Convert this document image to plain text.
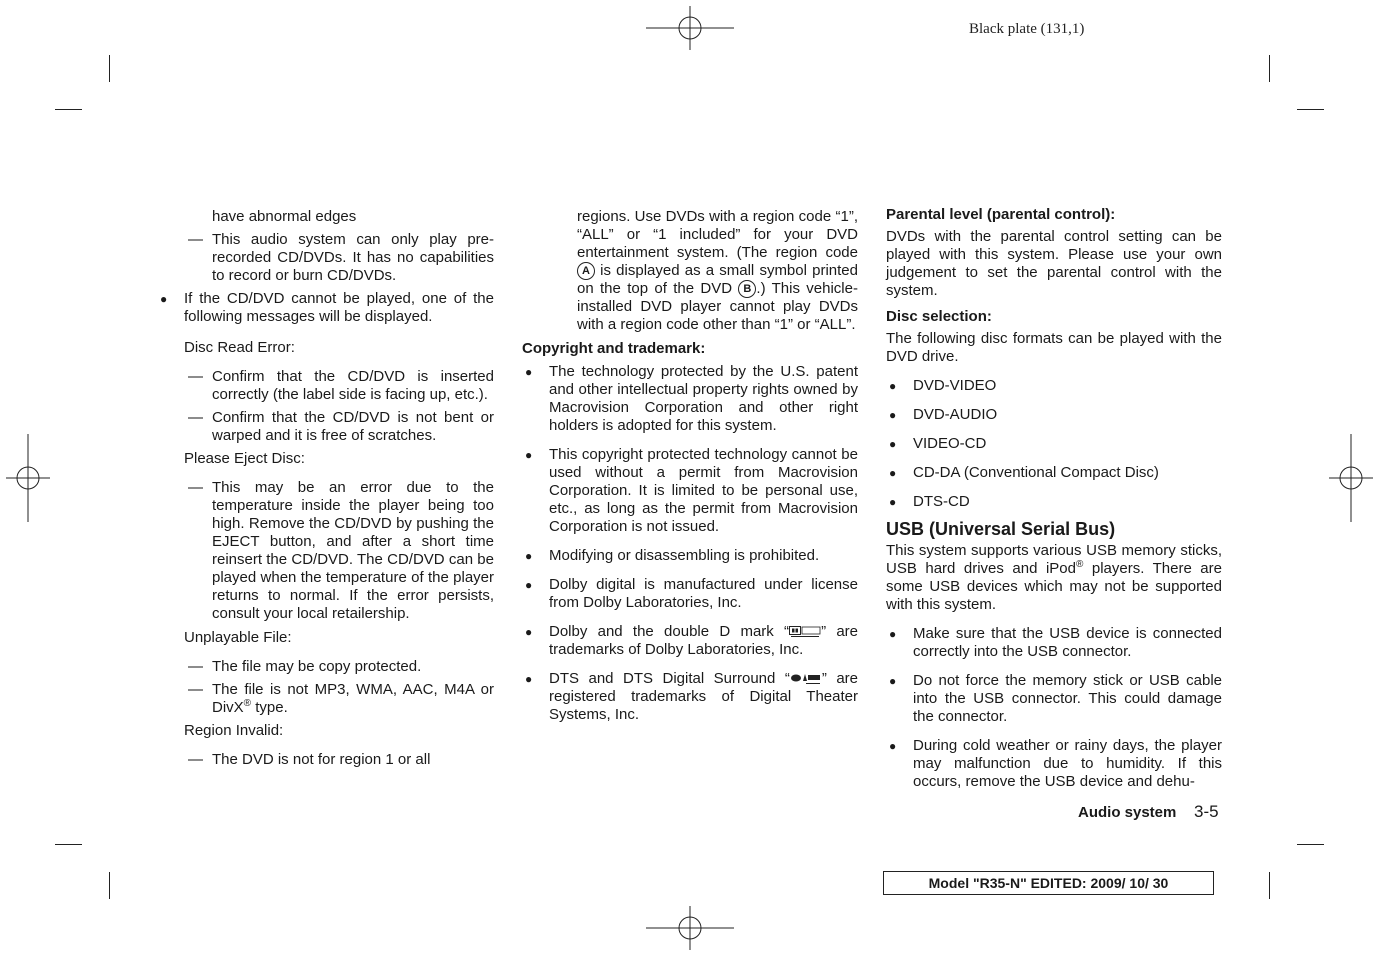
Black plate (131,1)
have abnormal edges
— This audio system can only play pre-recorded CD/DVDs. It has no capabilities to record or burn CD/DVDs.
● If the CD/DVD cannot be played, one of the following messages will be displayed.
Disc Read Error:
— Confirm that the CD/DVD is inserted correctly (the label side is facing up, etc.).
— Confirm that the CD/DVD is not bent or warped and it is free of scratches.
Please Eject Disc:
— This may be an error due to the temperature inside the player being too high. Remove the CD/DVD by pushing the EJECT button, and after a short time reinsert the CD/DVD. The CD/DVD can be played when the temperature of the player returns to normal. If the error persists, consult your local retailership.
Unplayable File:
— The file may be copy protected.
— The file is not MP3, WMA, AAC, M4A or DivX® type.
Region Invalid:
— The DVD is not for region 1 or all

regions. Use DVDs with a region code “1”, “ALL” or “1 included” for your DVD entertainment system. (The region code A is displayed as a small symbol printed on the top of the DVD B .) This vehicle-installed DVD player cannot play DVDs with a region code other than “1” or “ALL”.

Copyright and trademark:

● The technology protected by the U.S. patent and other intellectual property rights owned by Macrovision Corporation and other right holders is adopted for this system.
● This copyright protected technology cannot be used without a permit from Macrovision Corporation. It is limited to be personal use, etc., as long as the permit from Macrovision Corporation is not issued.
● Modifying or disassembling is prohibited.
● Dolby digital is manufactured under license from Dolby Laboratories, Inc.
● Dolby and the double D mark “ ” are trademarks of Dolby Laboratories, Inc.
● DTS and DTS Digital Surround “ ” are registered trademarks of Digital Theater Systems, Inc.

Parental level (parental control):

DVDs with the parental control setting can be played with this system. Please use your own judgement to set the parental control with the system.

Disc selection:

The following disc formats can be played with the DVD drive.

● DVD-VIDEO
● DVD-AUDIO
● VIDEO-CD
● CD-DA (Conventional Compact Disc)
● DTS-CD

USB (Universal Serial Bus)

This system supports various USB memory sticks, USB hard drives and iPod® players. There are some USB devices which may not be supported with this system.

● Make sure that the USB device is connected correctly into the USB connector.
● Do not force the memory stick or USB cable into the USB connector. This could damage the connector.
● During cold weather or rainy days, the player may malfunction due to humidity. If this occurs, remove the USB device and dehu-
Audio system 3-5
Model "R35-N" EDITED: 2009/ 10/ 30
